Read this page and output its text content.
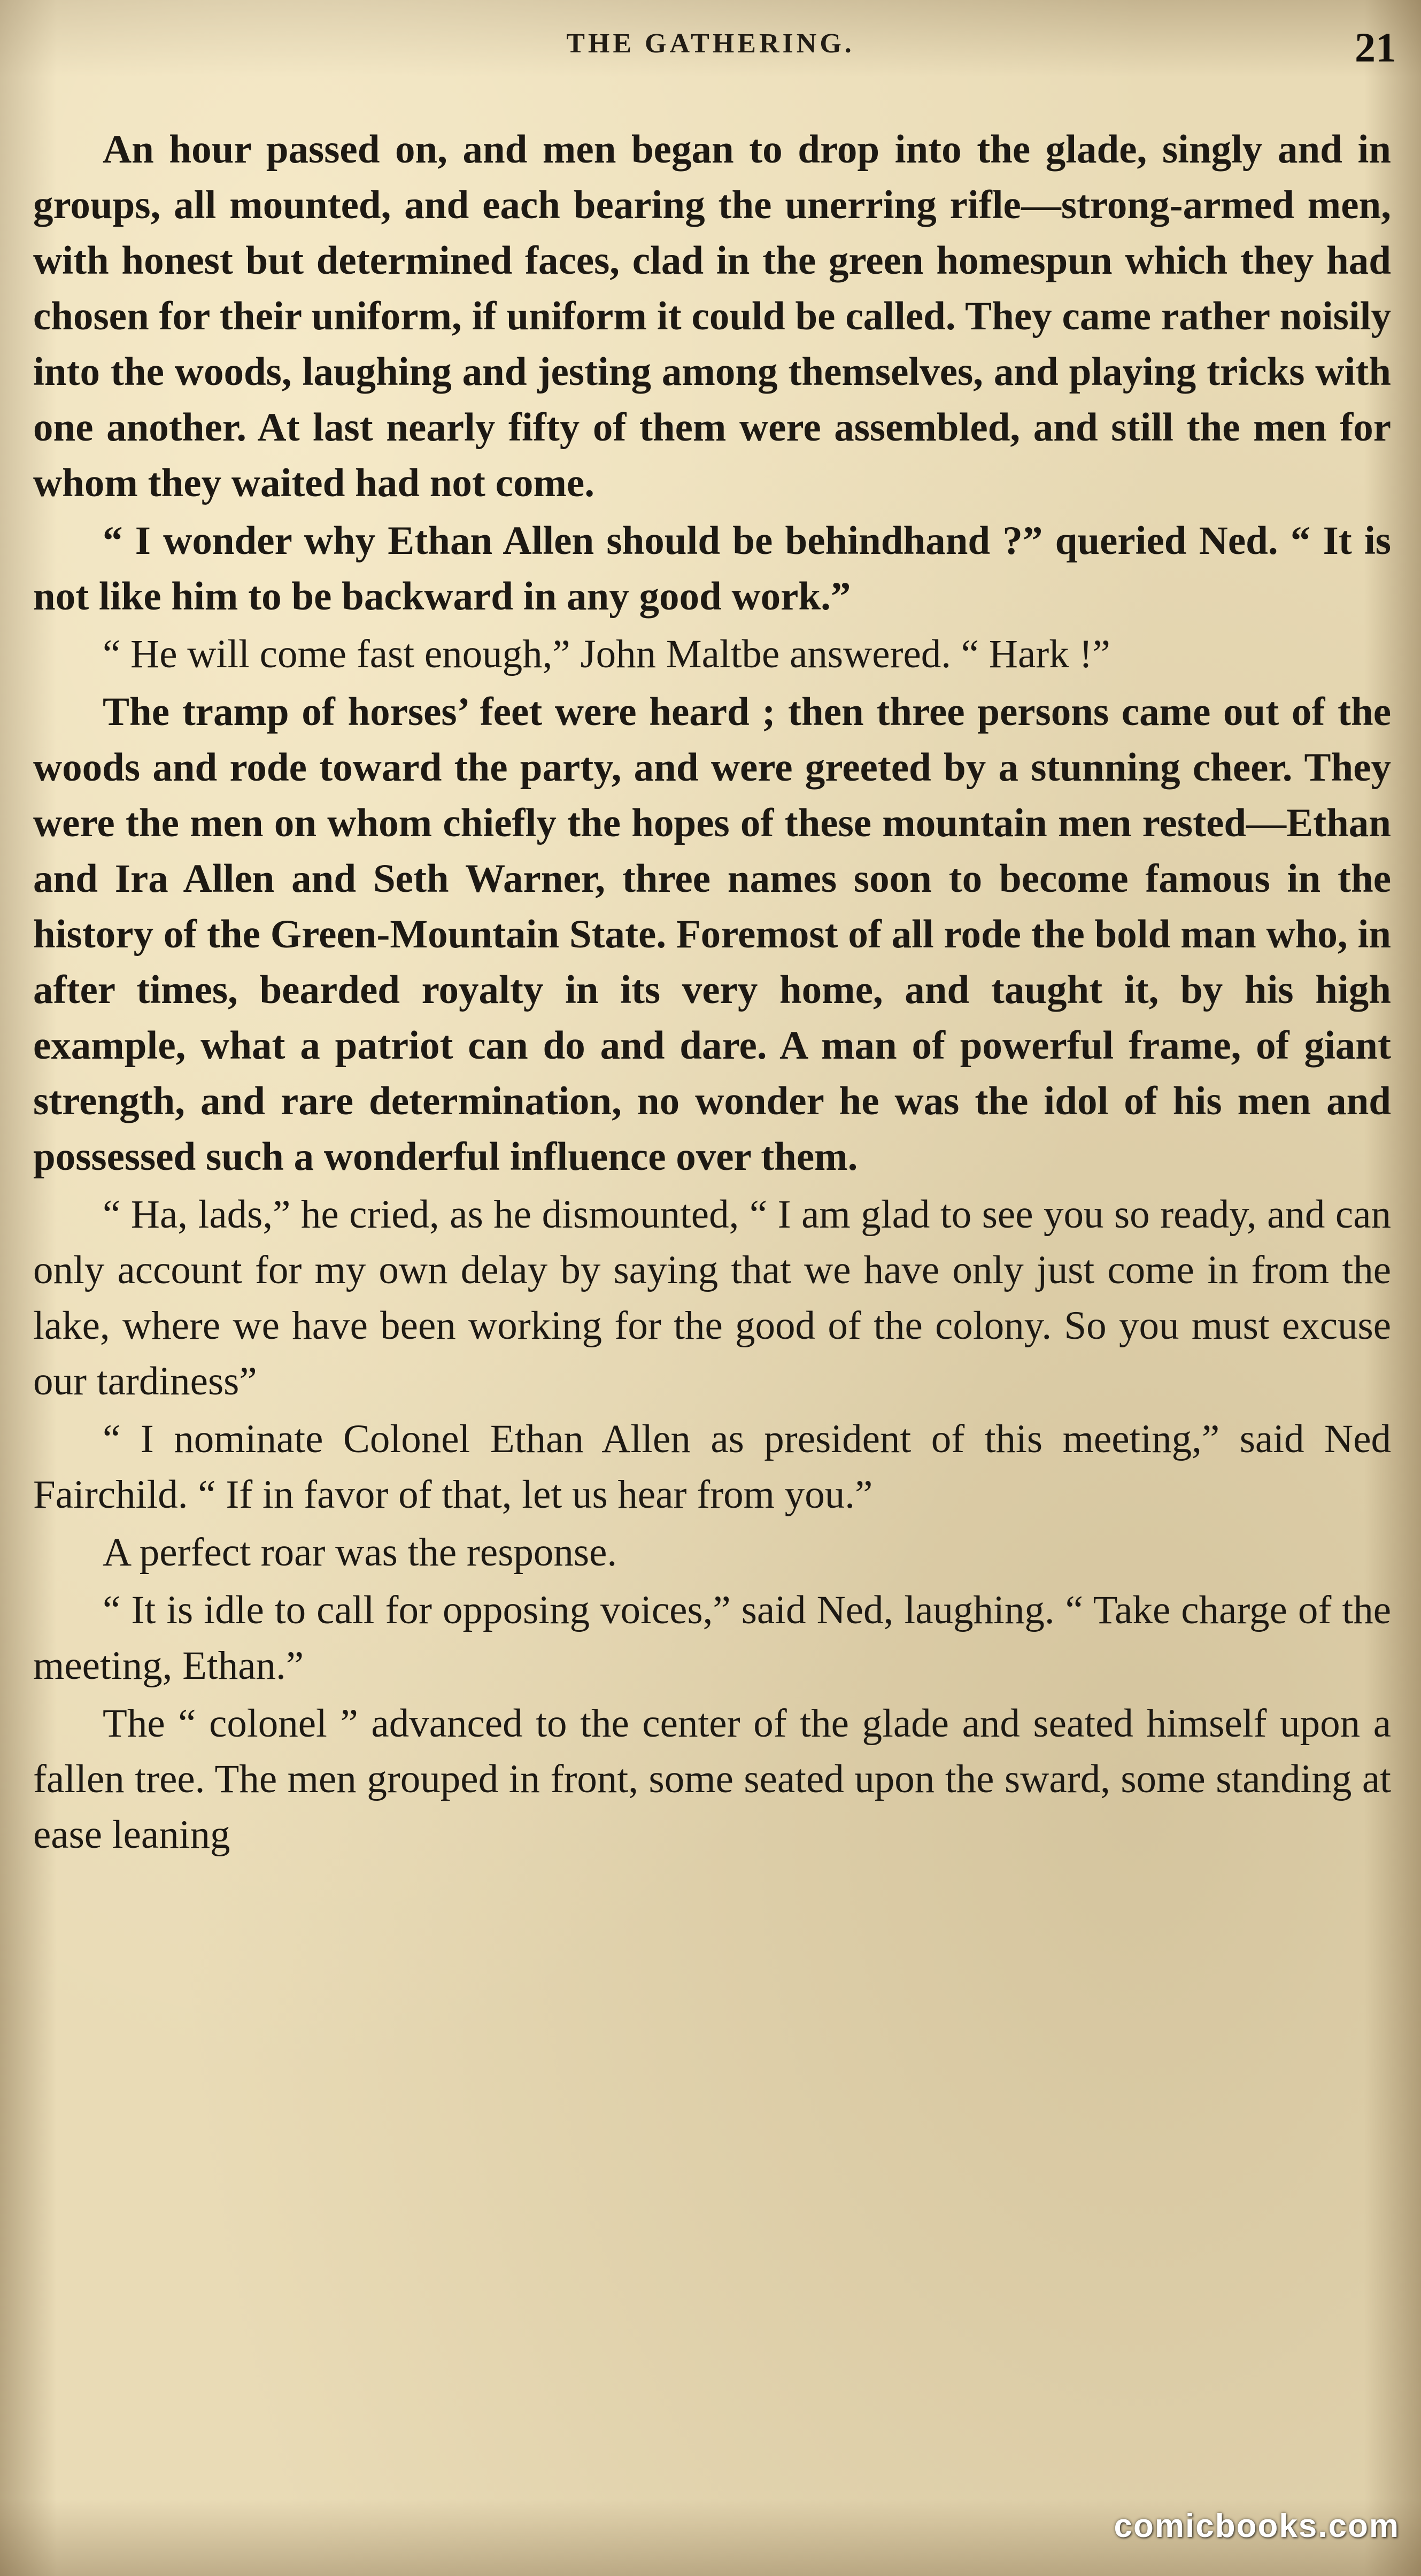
THE GATHERING.	21

An hour passed on, and men began to drop into the glade, singly and in groups, all mounted, and each bearing the unerring rifle—strong-armed men, with honest but determined faces, clad in the green homespun which they had chosen for their uniform, if uniform it could be called. They came rather noisily into the woods, laughing and jesting among themselves, and playing tricks with one another. At last nearly fifty of them were assembled, and still the men for whom they waited had not come.

“ I wonder why Ethan Allen should be behindhand ?” queried Ned. “ It is not like him to be backward in any good work.”

“ He will come fast enough,” John Maltbe answered. “ Hark !”

The tramp of horses’ feet were heard ; then three persons came out of the woods and rode toward the party, and were greeted by a stunning cheer. They were the men on whom chiefly the hopes of these mountain men rested—Ethan and Ira Allen and Seth Warner, three names soon to become famous in the history of the Green-Mountain State. Foremost of all rode the bold man who, in after times, bearded royalty in its very home, and taught it, by his high example, what a patriot can do and dare. A man of powerful frame, of giant strength, and rare determination, no wonder he was the idol of his men and possessed such a wonderful influence over them.

“ Ha, lads,” he cried, as he dismounted, “ I am glad to see you so ready, and can only account for my own delay by saying that we have only just come in from the lake, where we have been working for the good of the colony. So you must excuse our tardiness”

“ I nominate Colonel Ethan Allen as president of this meeting,” said Ned Fairchild. “ If in favor of that, let us hear from you.”

A perfect roar was the response.

“ It is idle to call for opposing voices,” said Ned, laughing. “ Take charge of the meeting, Ethan.”

The “ colonel ” advanced to the center of the glade and seated himself upon a fallen tree. The men grouped in front, some seated upon the sward, some standing at ease leaning

comicbooks.com
